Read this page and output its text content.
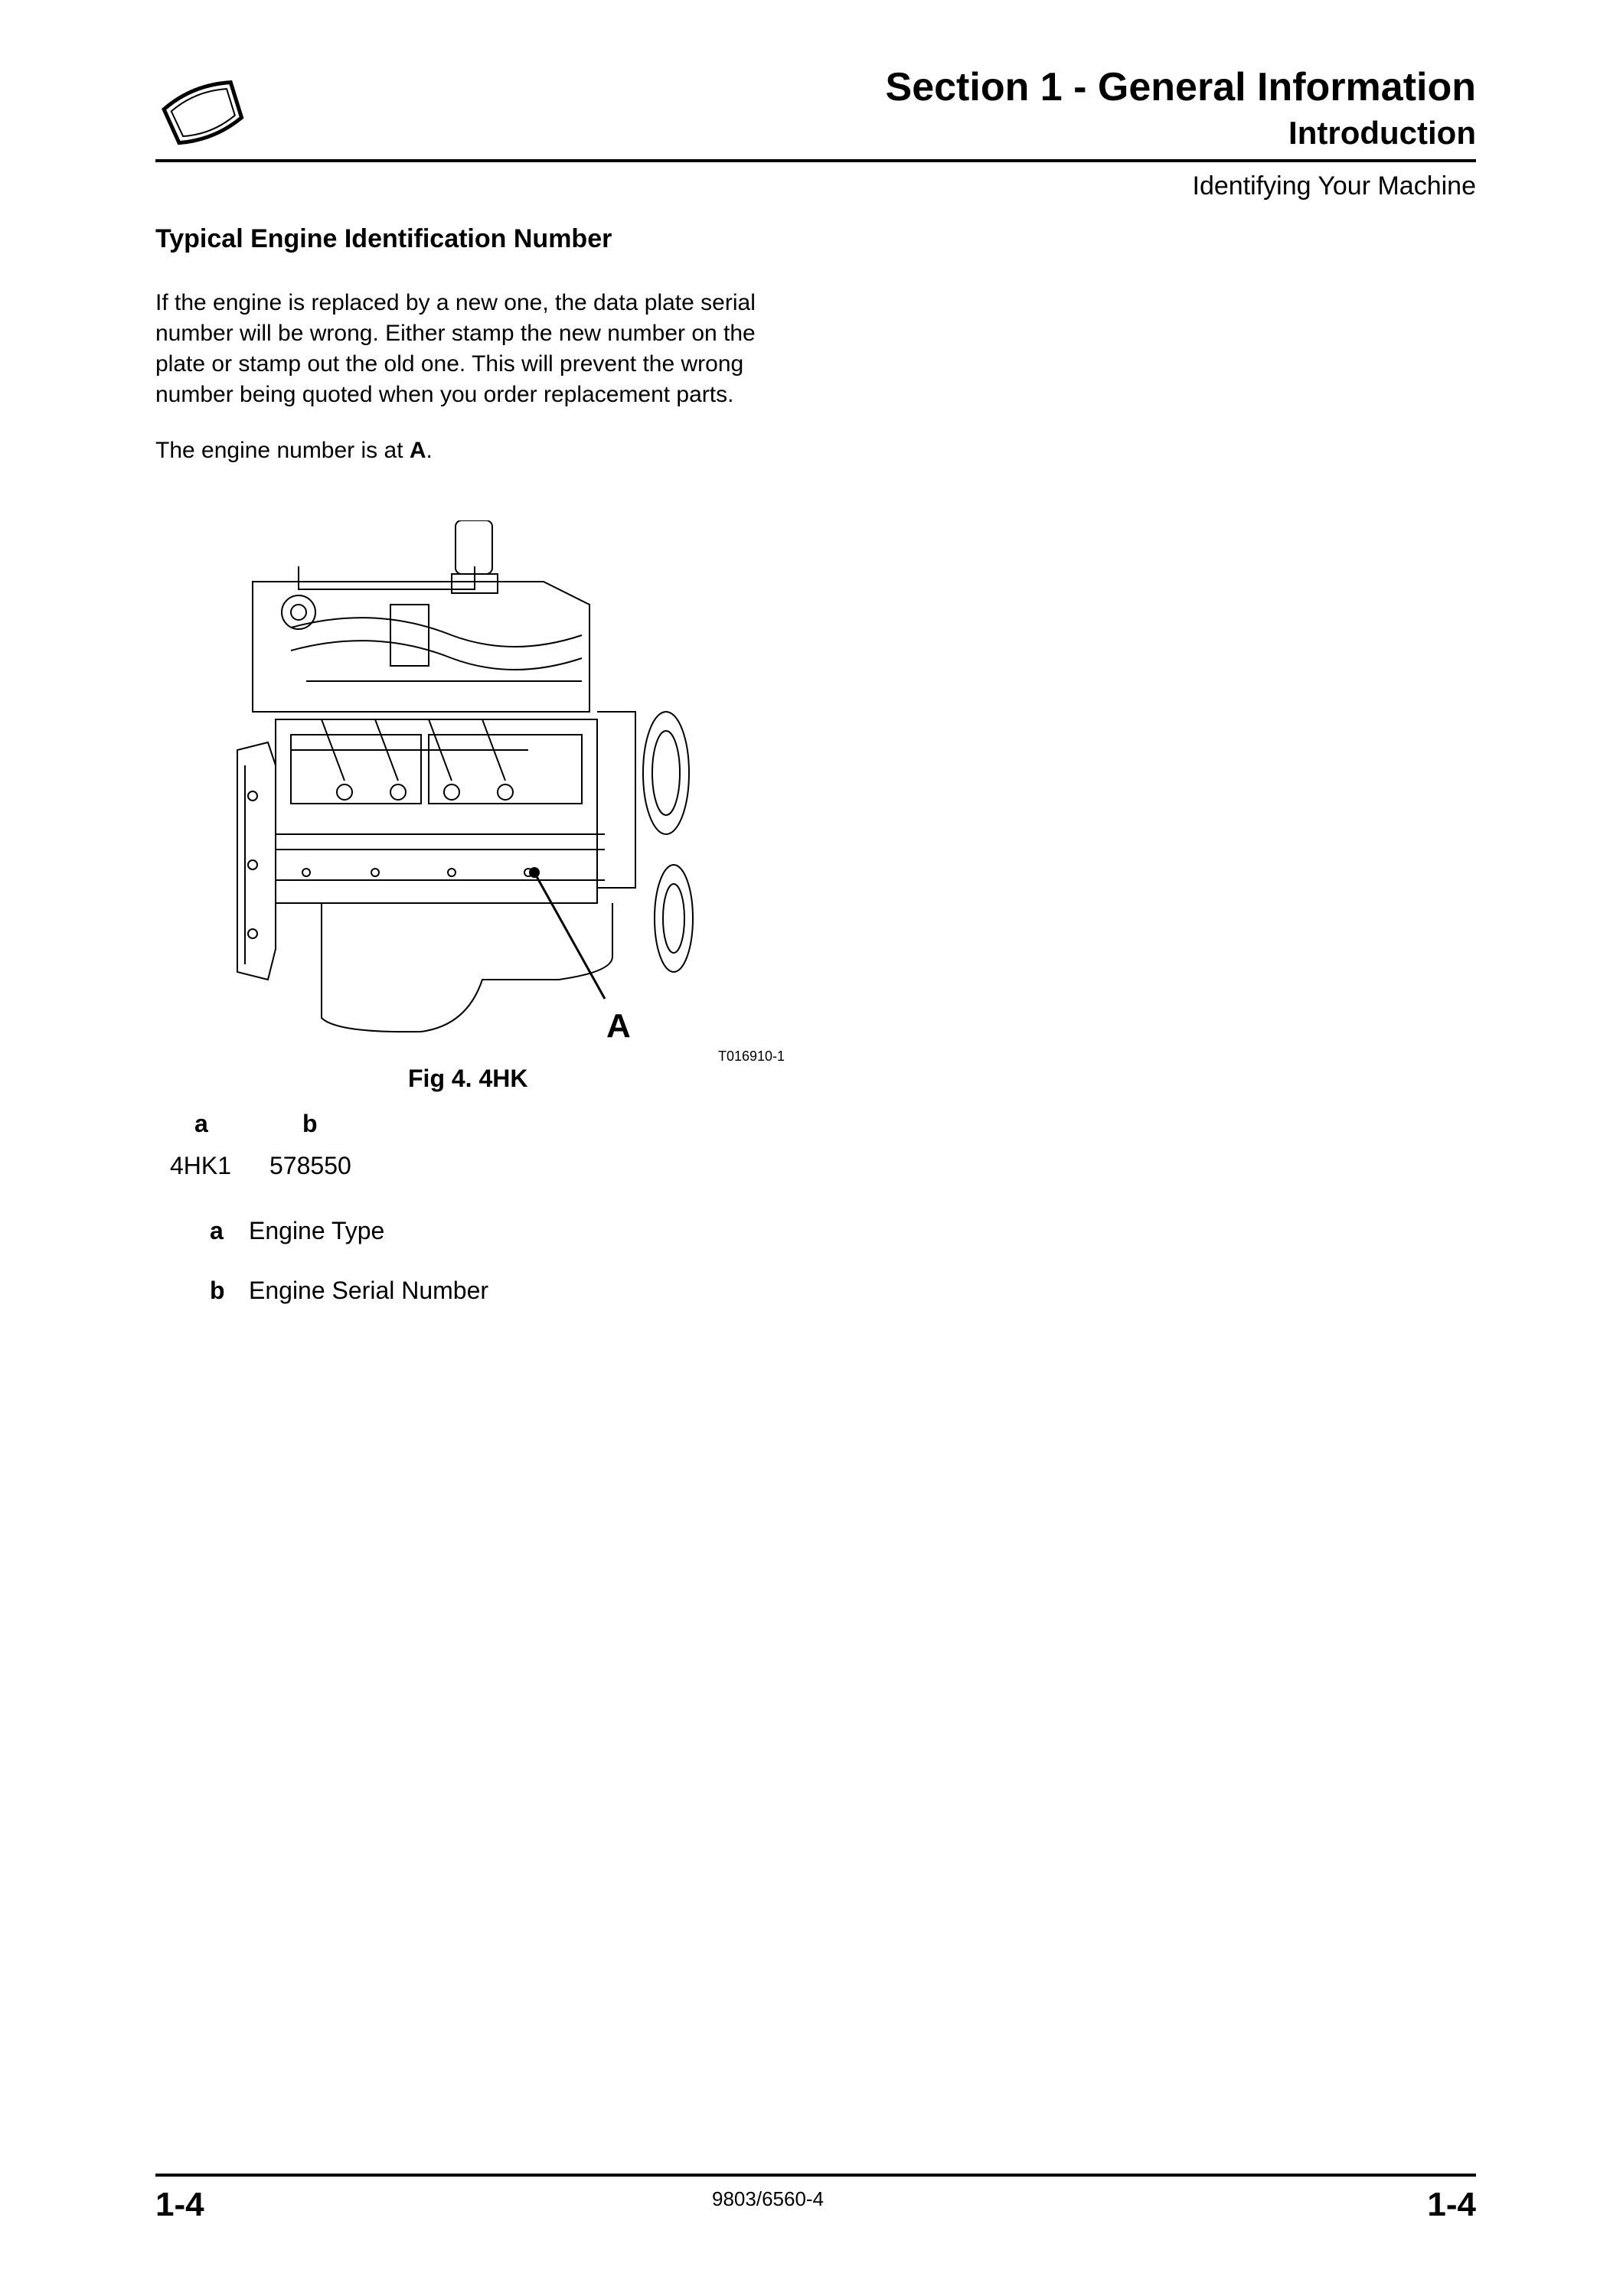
Section 1 - General Information
Introduction
Identifying Your Machine
Typical Engine Identification Number
If the engine is replaced by a new one, the data plate serial number will be wrong. Either stamp the new number on the plate or stamp out the old one. This will prevent the wrong number being quoted when you order replacement parts.
The engine number is at A.
A
T016910-1
Fig 4. 4HK
a	b
4HK1 578550
a Engine Type
b Engine Serial Number
1-4	9803/6560-4	1-4
